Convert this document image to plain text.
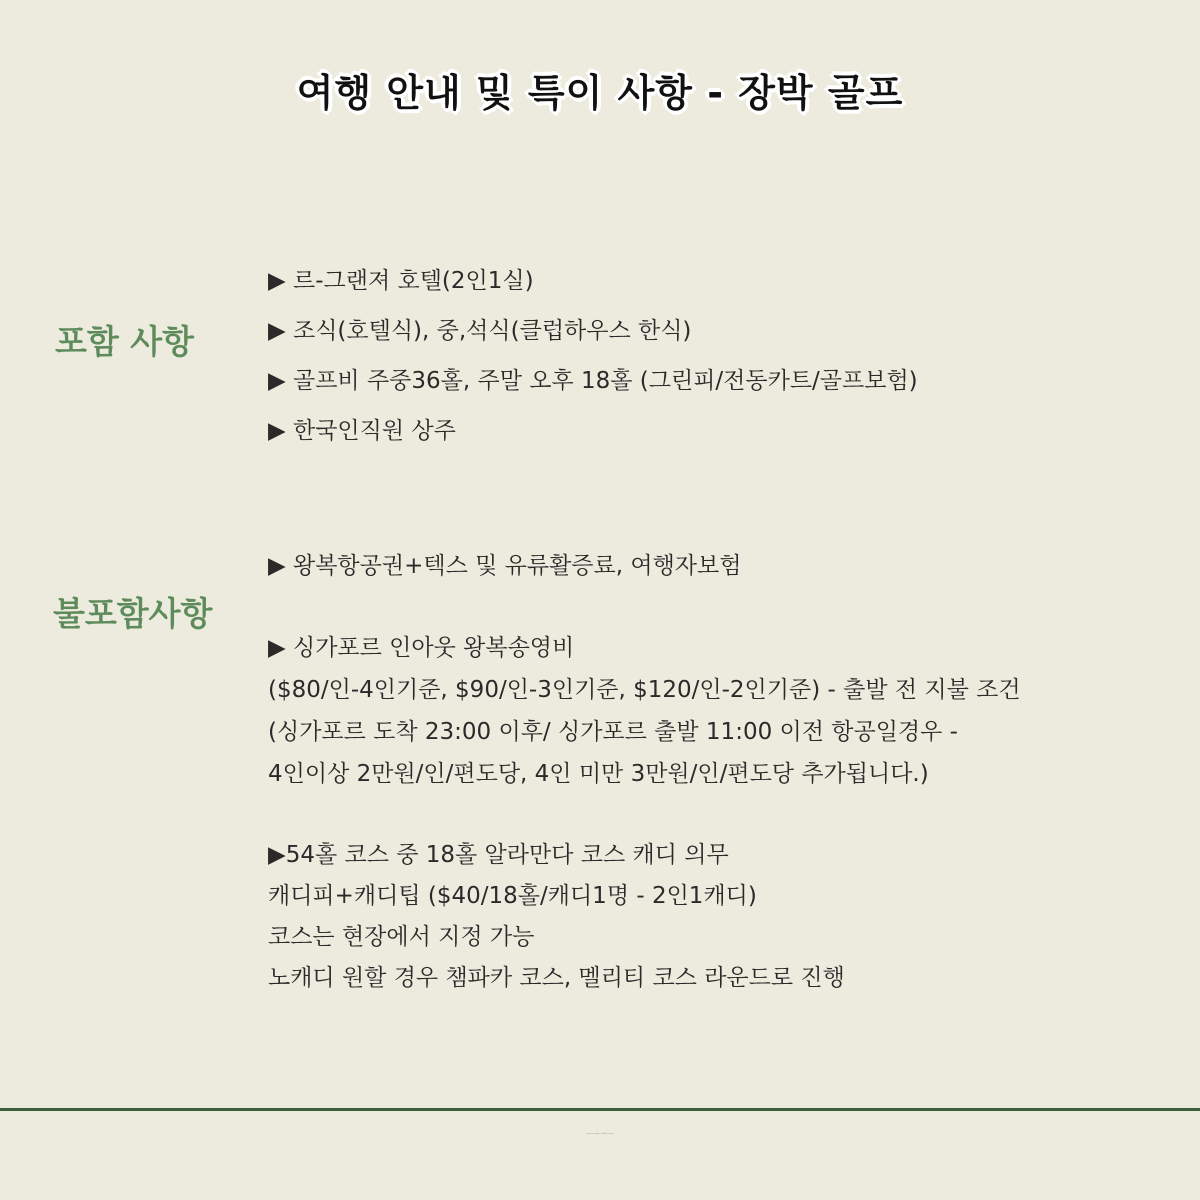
여행 안내 및 특이 사항 - 장박 골프
포함 사항
▶ 르-그랜져 호텔(2인1실)
▶ 조식(호텔식), 중,석식(클럽하우스 한식)
▶ 골프비 주중36홀, 주말 오후 18홀 (그린피/전동카트/골프보험)
▶ 한국인직원 상주
불포함사항
▶ 왕복항공권+텍스 및 유류활증료, 여행자보험
▶ 싱가포르 인아웃 왕복송영비
($80/인-4인기준, $90/인-3인기준, $120/인-2인기준) - 출발 전 지불 조건
(싱가포르 도착 23:00 이후/ 싱가포르 출발 11:00 이전 항공일경우 -
4인이상 2만원/인/편도당, 4인 미만 3만원/인/편도당 추가됩니다.)
▶54홀 코스 중 18홀 알라만다 코스 캐디 의무
캐디피+캐디팁 ($40/18홀/캐디1명 - 2인1캐디)
코스는 현장에서 지정 가능
노캐디 원할 경우 챔파카 코스, 멜리티 코스 라운드로 진행
Copyright 2018 (주)명랑골프 스포츠매니지먼트 1522-9520
